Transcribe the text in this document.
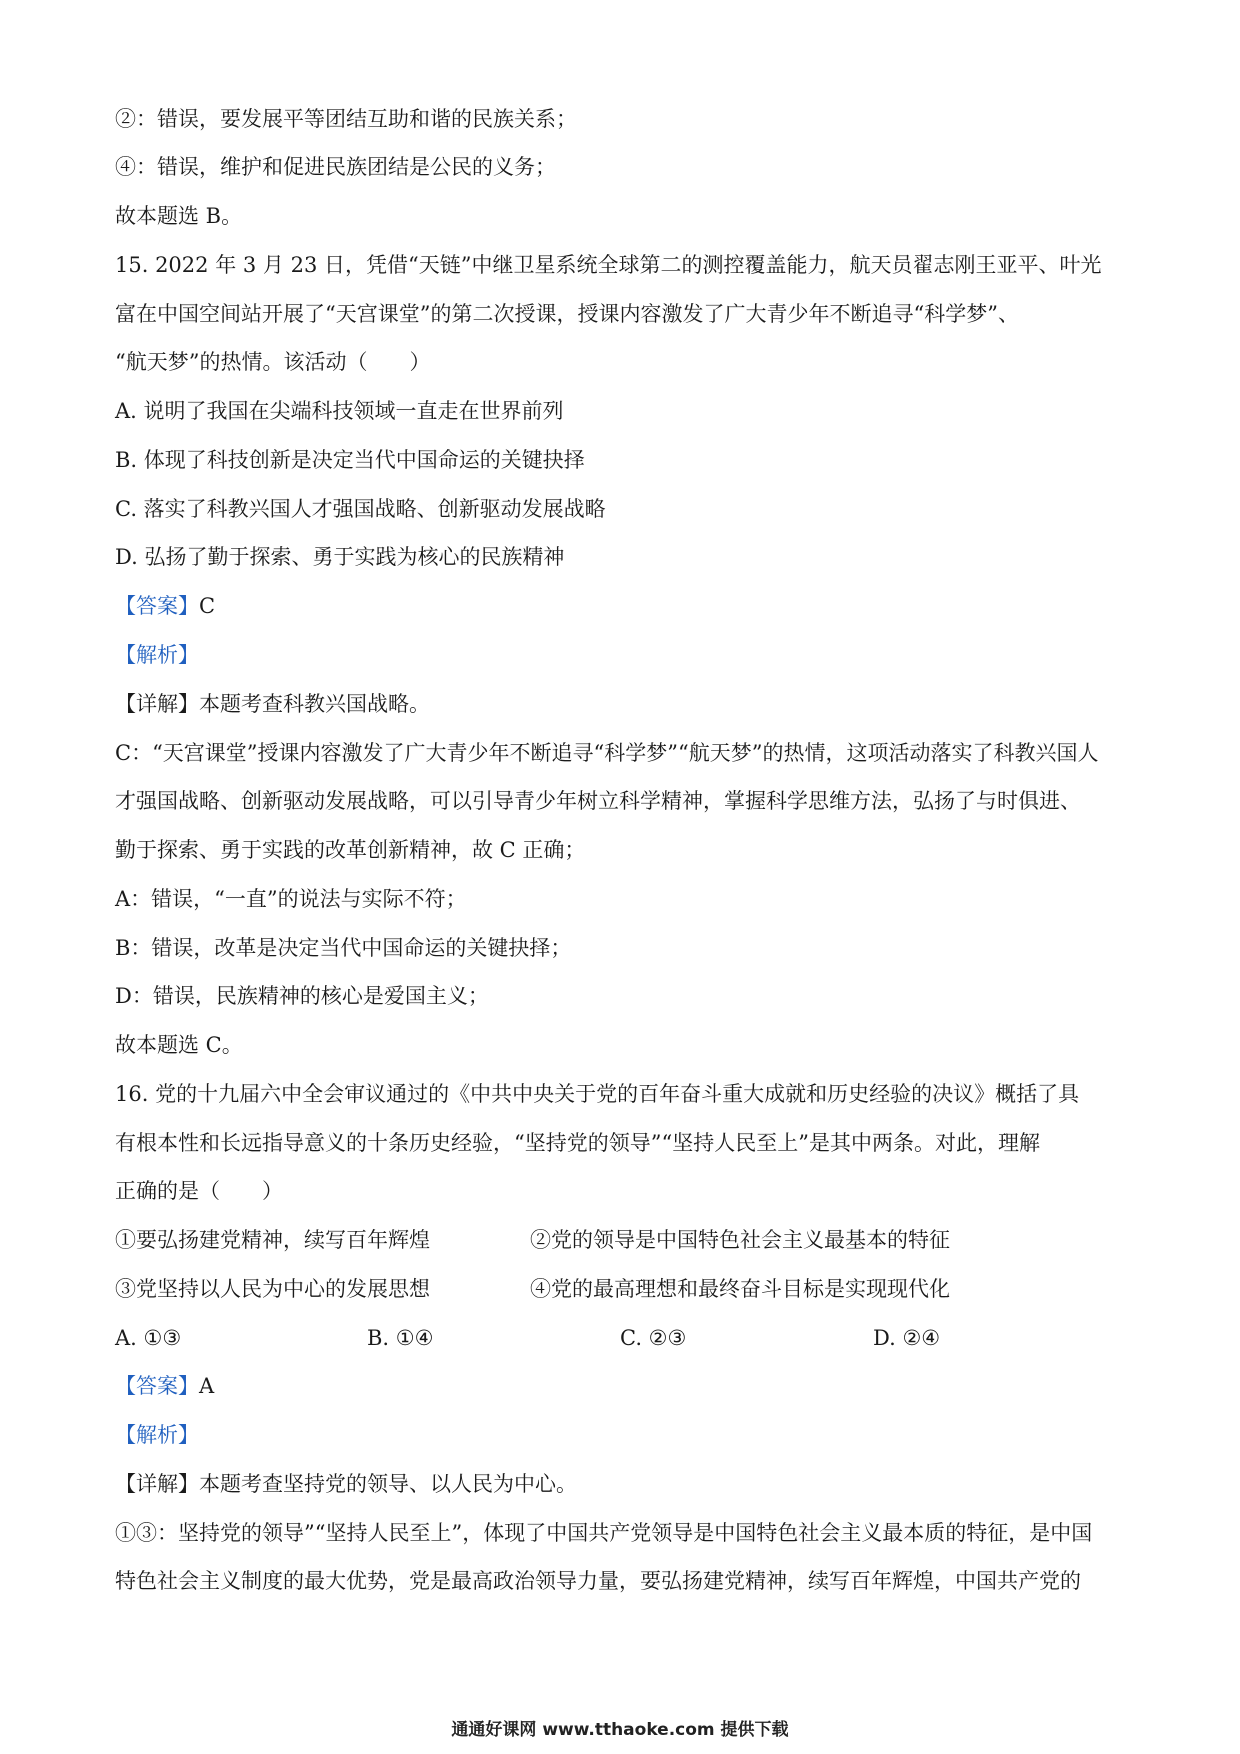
②：错误，要发展平等团结互助和谐的民族关系；
④：错误，维护和促进民族团结是公民的义务；
故本题选 B。
15. 2022 年 3 月 23 日，凭借“天链”中继卫星系统全球第二的测控覆盖能力，航天员翟志刚王亚平、叶光
富在中国空间站开展了“天宫课堂”的第二次授课，授课内容激发了广大青少年不断追寻“科学梦”、
“航天梦”的热情。该活动（　　）
A. 说明了我国在尖端科技领域一直走在世界前列
B. 体现了科技创新是决定当代中国命运的关键抉择
C. 落实了科教兴国人才强国战略、创新驱动发展战略
D. 弘扬了勤于探索、勇于实践为核心的民族精神
【答案】C
【解析】
【详解】本题考查科教兴国战略。
C：“天宫课堂”授课内容激发了广大青少年不断追寻“科学梦”“航天梦”的热情，这项活动落实了科教兴国人
才强国战略、创新驱动发展战略，可以引导青少年树立科学精神，掌握科学思维方法，弘扬了与时俱进、
勤于探索、勇于实践的改革创新精神，故 C 正确；
A：错误，“一直”的说法与实际不符；
B：错误，改革是决定当代中国命运的关键抉择；
D：错误，民族精神的核心是爱国主义；
故本题选 C。
16. 党的十九届六中全会审议通过的《中共中央关于党的百年奋斗重大成就和历史经验的决议》概括了具
有根本性和长远指导意义的十条历史经验，“坚持党的领导”“坚持人民至上”是其中两条。对此，理解
正确的是（　　）
①要弘扬建党精神，续写百年辉煌	②党的领导是中国特色社会主义最基本的特征
③党坚持以人民为中心的发展思想	④党的最高理想和最终奋斗目标是实现现代化
A. ①③	B. ①④	C. ②③	D. ②④
【答案】A
【解析】
【详解】本题考查坚持党的领导、以人民为中心。
①③：坚持党的领导”“坚持人民至上”，体现了中国共产党领导是中国特色社会主义最本质的特征，是中国
特色社会主义制度的最大优势，党是最高政治领导力量，要弘扬建党精神，续写百年辉煌，中国共产党的
通通好课网 www.tthaoke.com 提供下载
